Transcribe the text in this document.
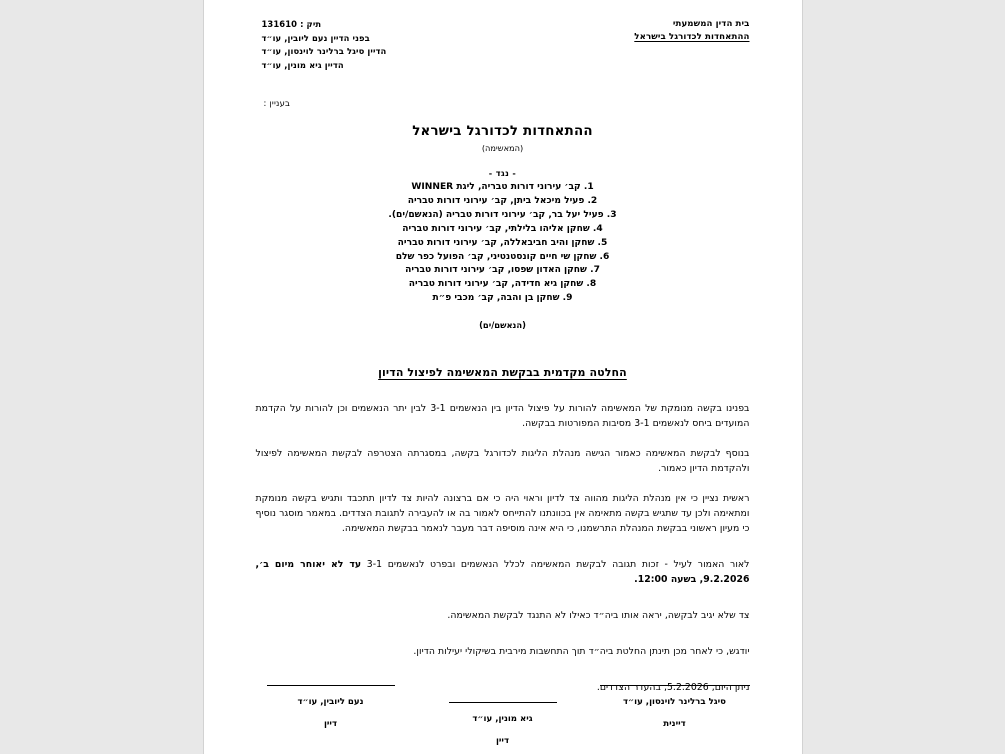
בית הדין המשמעתי
ההתאחדות לכדורגל בישראל
תיק : 131610
בפני הדיין נעם ליובין, עו״ד
הדיין סיגל ברלינר לוינסון, עו״ד
הדיין גיא מונין, עו״ד
בעניין :
ההתאחדות לכדורגל בישראל
(המאשימה)
- נגד -
1. קב׳ עירוני דורות טבריה, ליגת WINNER
2. פעיל מיכאל ביתן, קב׳ עירוני דורות טבריה
3. פעיל יעל בר, קב׳ עירוני דורות טבריה (הנאשם/ים).
4. שחקן אליהו בלילתי, קב׳ עירוני דורות טבריה
5. שחקן והיב חביבאללה, קב׳ עירוני דורות טבריה
6. שחקן שי חיים קונסטנטיני, קב׳ הפועל כפר שלם
7. שחקן האדון שפסו, קב׳ עירוני דורות טבריה
8. שחקן גיא חדידה, קב׳ עירוני דורות טבריה
9. שחקן בן והבה, קב׳ מכבי פ״ת
(הנאשם/ים)
החלטה מקדמית בבקשת המאשימה לפיצול הדיון

בפנינו בקשה מנומקת של המאשימה להורות על פיצול הדיון בין הנאשמים 3-1 לבין יתר הנאשמים וכן להורות על הקדמת המועדים ביחס לנאשמים 3-1 מסיבות המפורטות בבקשה.

בנוסף לבקשת המאשימה כאמור הגישה מנהלת הליגות לכדורגל בקשה, במסגרתה הצטרפה לבקשת המאשימה לפיצול ולהקדמת הדיון כאמור.

ראשית נציין כי אין מנהלת הליגות מהווה צד לדיון וראוי היה כי אם ברצונה להיות צד לדיון תתכבד ותגיש בקשה מנומקת ומתאימה ולכן עד שתגיש בקשה מתאימה אין בכוונתנו להתייחס לאמור בה או להעבירה לתגובת הצדדים. במאמר מוסגר נוסיף כי מעיון ראשוני בבקשת המנהלת התרשמנו, כי היא אינה מוסיפה דבר מעבר לנאמר בבקשת המאשימה.

לאור האמור לעיל - זכות תגובה לבקשת המאשימה לכלל הנאשמים ובפרט לנאשמים 3-1 עד לא יאוחר מיום ב׳, 9.2.2026, בשעה 12:00.

צד שלא יגיב לבקשה, יראה אותו ביה״ד כאילו לא התנגד לבקשת המאשימה.

יודגש, כי לאחר מכן תינתן החלטת ביה״ד תוך התחשבות מירבית בשיקולי יעילות הדיון.

ניתן היום, 5.2.2026, בהעדר הצדדים.

סיגל ברלינר לוינסון, עו״ד
דיינית
גיא מונין, עו״ד
דיין
נעם ליובין, עו״ד
דיין
